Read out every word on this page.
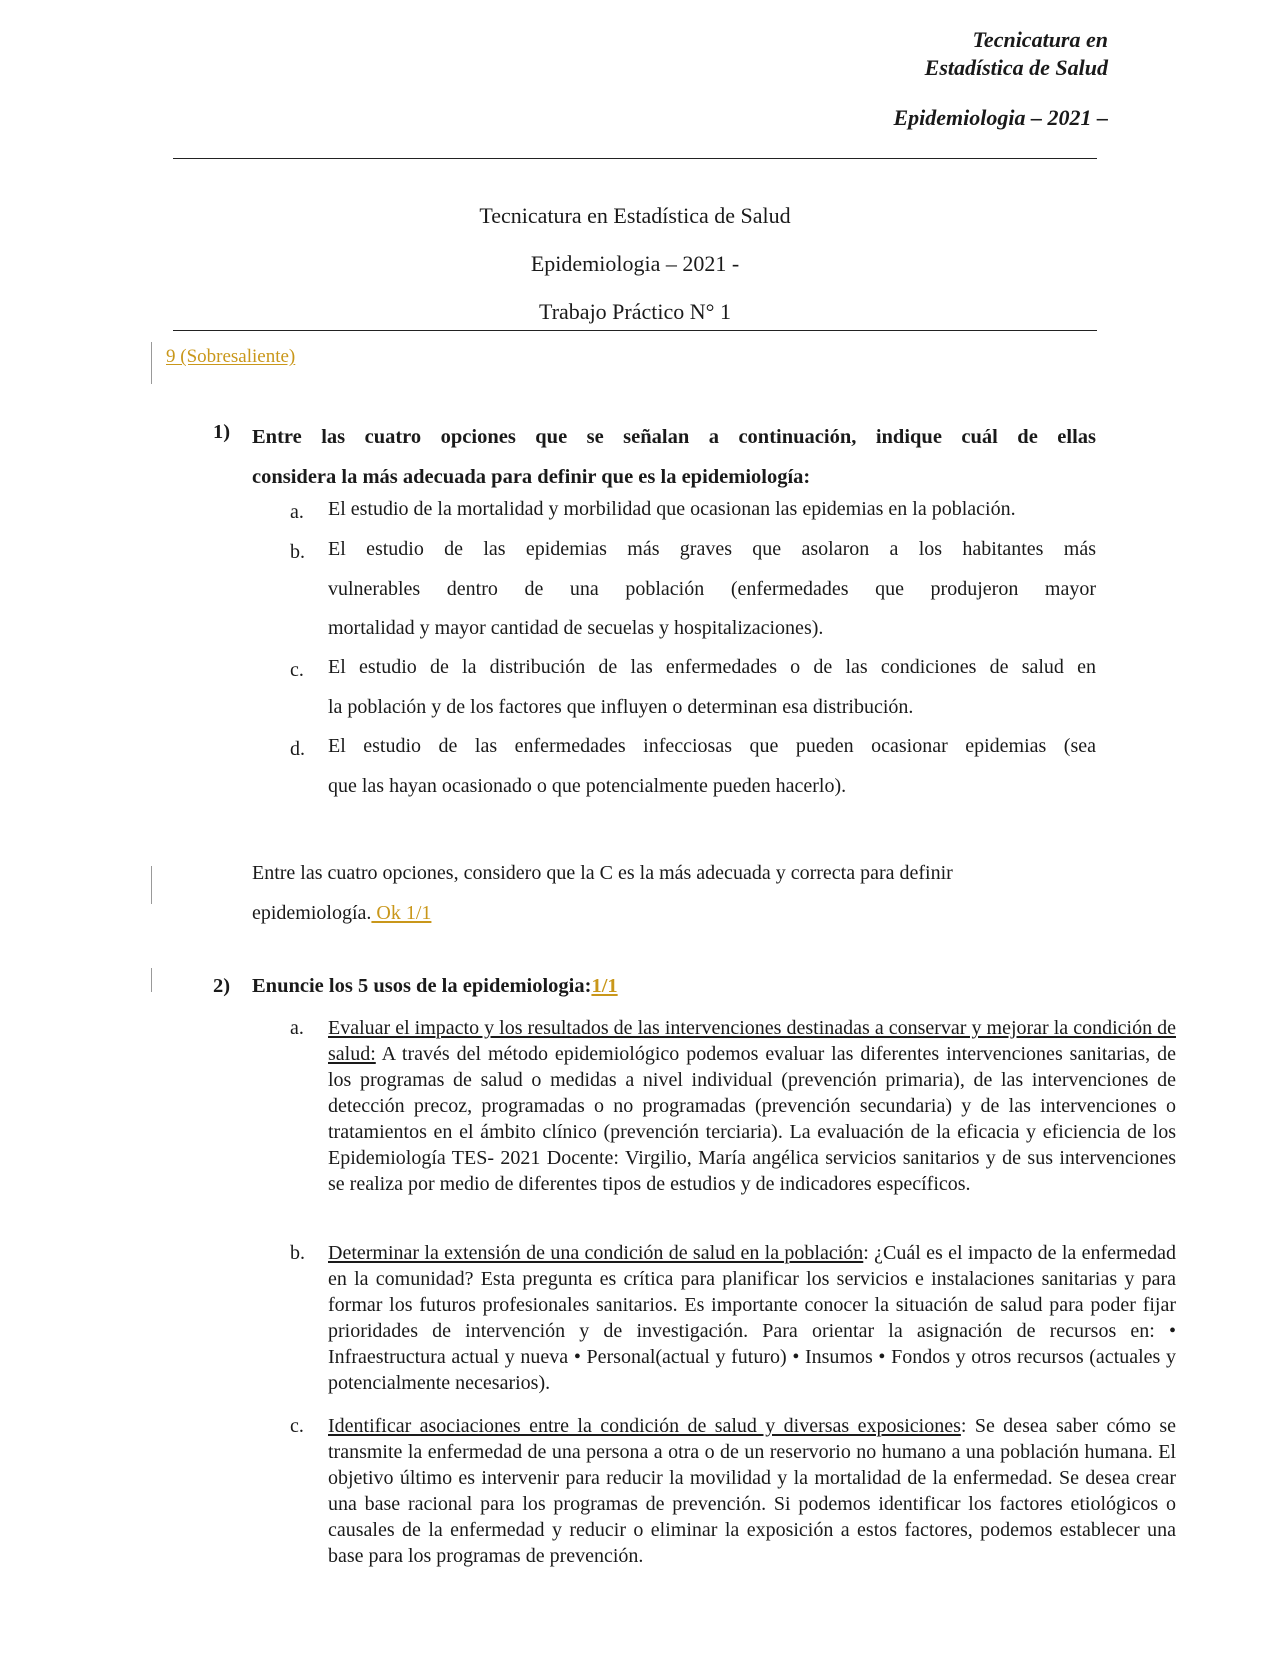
Tecnicatura en
Estadística de Salud
Epidemiologia – 2021 –
Tecnicatura en Estadística de Salud
Epidemiologia – 2021 -
Trabajo Práctico N° 1
9 (Sobresaliente)
1) Entre las cuatro opciones que se señalan a continuación, indique cuál de ellas
considera la más adecuada para definir que es la epidemiología:
a. El estudio de la mortalidad y morbilidad que ocasionan las epidemias en la población.
b. El estudio de las epidemias más graves que asolaron a los habitantes más
vulnerables dentro de una población (enfermedades que produjeron mayor
mortalidad y mayor cantidad de secuelas y hospitalizaciones).
c. El estudio de la distribución de las enfermedades o de las condiciones de salud en
la población y de los factores que influyen o determinan esa distribución.
d. El estudio de las enfermedades infecciosas que pueden ocasionar epidemias (sea
que las hayan ocasionado o que potencialmente pueden hacerlo).
Entre las cuatro opciones, considero que la C es la más adecuada y correcta para definir
epidemiología. Ok 1/1
2) Enuncie los 5 usos de la epidemiologia:1/1
a. Evaluar el impacto y los resultados de las intervenciones destinadas a conservar y mejorar la condición de salud: A través del método epidemiológico podemos evaluar las diferentes intervenciones sanitarias, de los programas de salud o medidas a nivel individual (prevención primaria), de las intervenciones de detección precoz, programadas o no programadas (prevención secundaria) y de las intervenciones o tratamientos en el ámbito clínico (prevención terciaria). La evaluación de la eficacia y eficiencia de los Epidemiología TES- 2021 Docente: Virgilio, María angélica servicios sanitarios y de sus intervenciones se realiza por medio de diferentes tipos de estudios y de indicadores específicos.
b. Determinar la extensión de una condición de salud en la población: ¿Cuál es el impacto de la enfermedad en la comunidad? Esta pregunta es crítica para planificar los servicios e instalaciones sanitarias y para formar los futuros profesionales sanitarios. Es importante conocer la situación de salud para poder fijar prioridades de intervención y de investigación. Para orientar la asignación de recursos en: • Infraestructura actual y nueva • Personal(actual y futuro) • Insumos • Fondos y otros recursos (actuales y potencialmente necesarios).
c. Identificar asociaciones entre la condición de salud y diversas exposiciones: Se desea saber cómo se transmite la enfermedad de una persona a otra o de un reservorio no humano a una población humana. El objetivo último es intervenir para reducir la movilidad y la mortalidad de la enfermedad. Se desea crear una base racional para los programas de prevención. Si podemos identificar los factores etiológicos o causales de la enfermedad y reducir o eliminar la exposición a estos factores, podemos establecer una base para los programas de prevención.
